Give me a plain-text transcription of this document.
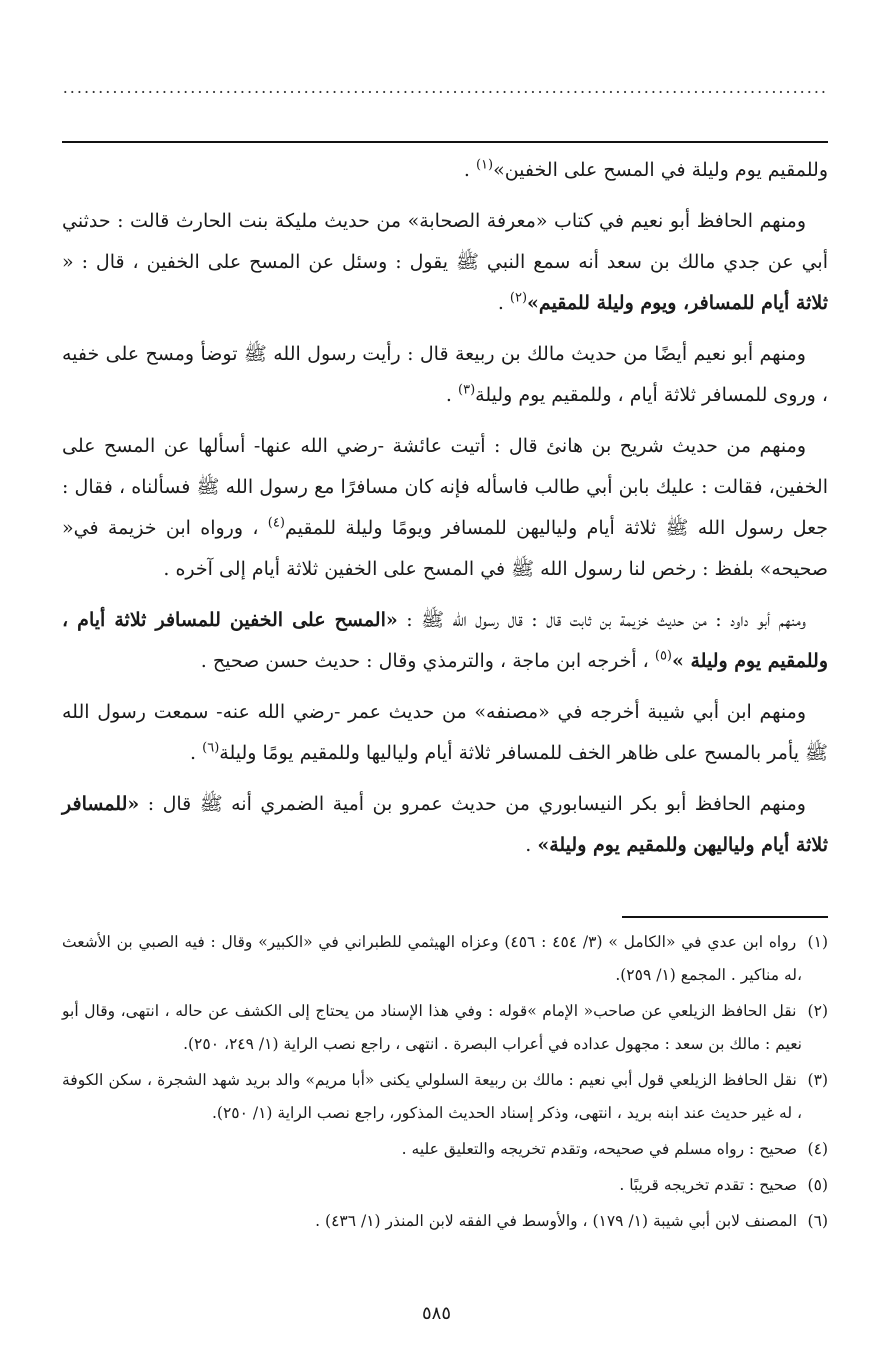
............................................................................................................

وللمقيم يوم وليلة في المسح على الخفين»$^{(١)}$ .

ومنهم الحافظ أبو نعيم في كتاب «معرفة الصحابة» من حديث مليكة بنت الحارث قالت : حدثني أبي عن جدي مالك بن سعد أنه سمع النبي ﷺ يقول : وسئل عن المسح على الخفين ، قال : « ثلاثة أيام للمسافر، ويوم وليلة للمقيم»$^{(٢)}$ .

ومنهم أبو نعيم أيضًا من حديث مالك بن ربيعة قال : رأيت رسول الله ﷺ توضأ ومسح على خفيه ، وروى للمسافر ثلاثة أيام ، وللمقيم يوم وليلة$^{(٣)}$ .

ومنهم من حديث شريح بن هانئ قال : أتيت عائشة -رضي الله عنها- أسألها عن المسح على الخفين، فقالت : عليك بابن أبي طالب فاسأله فإنه كان مسافرًا مع رسول الله ﷺ فسألناه ، فقال : جعل رسول الله ﷺ ثلاثة أيام ولياليهن للمسافر ويومًا وليلة للمقيم$^{(٤)}$ ، ورواه ابن خزيمة في« صحيحه» بلفظ : رخص لنا رسول الله ﷺ في المسح على الخفين ثلاثة أيام إلى آخره .

ومنهم أبو داود : من حديث خزيمة بن ثابت قال : قال رسول الله ﷺ : «المسح على الخفين للمسافر ثلاثة أيام ، وللمقيم يوم وليلة »$^{(٥)}$ ، أخرجه ابن ماجة ، والترمذي وقال : حديث حسن صحيح .

ومنهم ابن أبي شيبة أخرجه في «مصنفه» من حديث عمر -رضي الله عنه- سمعت رسول الله ﷺ يأمر بالمسح على ظاهر الخف للمسافر ثلاثة أيام ولياليها وللمقيم يومًا وليلة$^{(٦)}$ .

ومنهم الحافظ أبو بكر النيسابوري من حديث عمرو بن أمية الضمري أنه ﷺ قال : «للمسافر ثلاثة أيام ولياليهن وللمقيم يوم وليلة» .

(١) رواه ابن عدي في «الكامل » (٣/ ٤٥٤ : ٤٥٦) وعزاه الهيثمي للطبراني في «الكبير» وقال : فيه الصبي بن الأشعث ،له مناكير . المجمع (١/ ٢٥٩).
(٢) نقل الحافظ الزيلعي عن صاحب« الإمام »قوله : وفي هذا الإسناد من يحتاج إلى الكشف عن حاله ، انتهى، وقال أبو نعيم : مالك بن سعد : مجهول عداده في أعراب البصرة . انتهى ، راجع نصب الراية (١/ ٢٤٩، ٢٥٠).
(٣) نقل الحافظ الزيلعي قول أبي نعيم : مالك بن ربيعة السلولي يكنى «أبا مريم» والد بريد شهد الشجرة ، سكن الكوفة ، له غير حديث عند ابنه بريد ، انتهى، وذكر إسناد الحديث المذكور، راجع نصب الراية (١/ ٢٥٠).
(٤) صحيح : رواه مسلم في صحيحه، وتقدم تخريجه والتعليق عليه .
(٥) صحيح : تقدم تخريجه قريبًا .
(٦) المصنف لابن أبي شيبة (١/ ١٧٩) ، والأوسط في الفقه لابن المنذر (١/ ٤٣٦) .
٥٨٥
